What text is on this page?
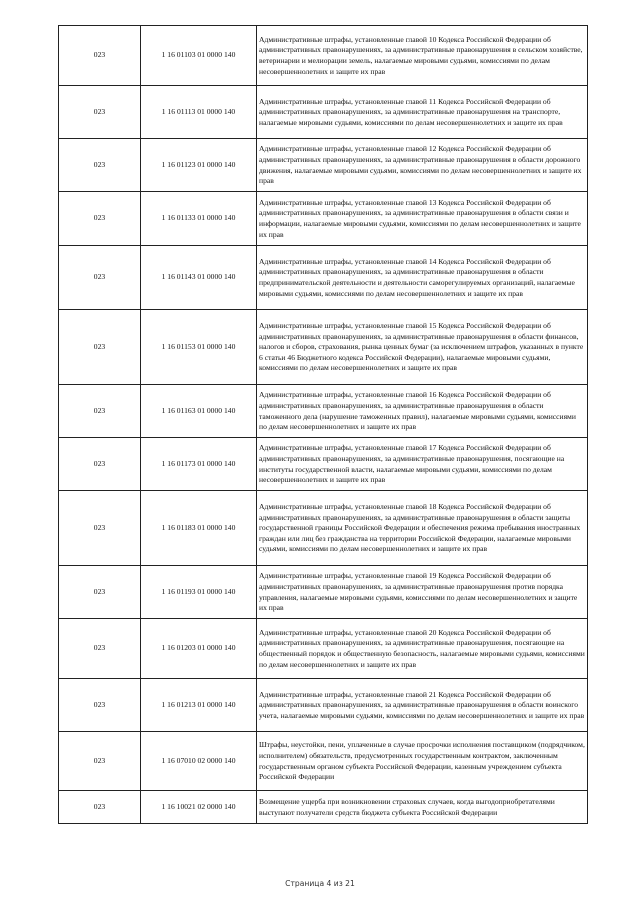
023	1 16 01103 01 0000 140	Административные штрафы, установленные главой 10 Кодекса Российской Федерации об административных правонарушениях, за административные правонарушения в сельском хозяйстве, ветеринарии и мелиорации земель, налагаемые мировыми судьями, комиссиями по делам несовершеннолетних и защите их прав
023	1 16 01113 01 0000 140	Административные штрафы, установленные главой 11 Кодекса Российской Федерации об административных правонарушениях, за административные правонарушения на транспорте, налагаемые мировыми судьями, комиссиями по делам несовершеннолетних и защите их прав
023	1 16 01123 01 0000 140	Административные штрафы, установленные главой 12 Кодекса Российской Федерации об административных правонарушениях, за административные правонарушения в области дорожного движения, налагаемые мировыми судьями, комиссиями по делам несовершеннолетних и защите их прав
023	1 16 01133 01 0000 140	Административные штрафы, установленные главой 13 Кодекса Российской Федерации об административных правонарушениях, за административные правонарушения в области связи и информации, налагаемые мировыми судьями, комиссиями по делам несовершеннолетних и защите их прав
023	1 16 01143 01 0000 140	Административные штрафы, установленные главой 14 Кодекса Российской Федерации об административных правонарушениях, за административные правонарушения в области предпринимательской деятельности и деятельности саморегулируемых организаций, налагаемые мировыми судьями, комиссиями по делам несовершеннолетних и защите их прав
023	1 16 01153 01 0000 140	Административные штрафы, установленные главой 15 Кодекса Российской Федерации об административных правонарушениях, за административные правонарушения в области финансов, налогов и сборов, страхования, рынка ценных бумаг (за исключением штрафов, указанных в пункте 6 статьи 46 Бюджетного кодекса Российской Федерации), налагаемые мировыми судьями, комиссиями по делам несовершеннолетних и защите их прав
023	1 16 01163 01 0000 140	Административные штрафы, установленные главой 16 Кодекса Российской Федерации об административных правонарушениях, за административные правонарушения в области таможенного дела (нарушение таможенных правил), налагаемые мировыми судьями, комиссиями по делам несовершеннолетних и защите их прав
023	1 16 01173 01 0000 140	Административные штрафы, установленные главой 17 Кодекса Российской Федерации об административных правонарушениях, за административные правонарушения, посягающие на институты государственной власти, налагаемые мировыми судьями, комиссиями по делам несовершеннолетних и защите их прав
023	1 16 01183 01 0000 140	Административные штрафы, установленные главой 18 Кодекса Российской Федерации об административных правонарушениях, за административные правонарушения в области защиты государственной границы Российской Федерации и обеспечения режима пребывания иностранных граждан или лиц без гражданства на территории Российской Федерации, налагаемые мировыми судьями, комиссиями по делам несовершеннолетних и защите их прав
023	1 16 01193 01 0000 140	Административные штрафы, установленные главой 19 Кодекса Российской Федерации об административных правонарушениях, за административные правонарушения против порядка управления, налагаемые мировыми судьями, комиссиями по делам несовершеннолетних и защите их прав
023	1 16 01203 01 0000 140	Административные штрафы, установленные главой 20 Кодекса Российской Федерации об административных правонарушениях, за административные правонарушения, посягающие на общественный порядок и общественную безопасность, налагаемые мировыми судьями, комиссиями по делам несовершеннолетних и защите их прав
023	1 16 01213 01 0000 140	Административные штрафы, установленные главой 21 Кодекса Российской Федерации об административных правонарушениях, за административные правонарушения в области воинского учета, налагаемые мировыми судьями, комиссиями по делам несовершеннолетних и защите их прав
023	1 16 07010 02 0000 140	Штрафы, неустойки, пени, уплаченные в случае просрочки исполнения поставщиком (подрядчиком, исполнителем) обязательств, предусмотренных государственным контрактом, заключенным государственным органом субъекта Российской Федерации, казенным учреждением субъекта Российской Федерации
023	1 16 10021 02 0000 140	Возмещение ущерба при возникновении страховых случаев, когда выгодоприобретателями выступают получатели средств бюджета субъекта Российской Федерации
Страница 4 из 21
